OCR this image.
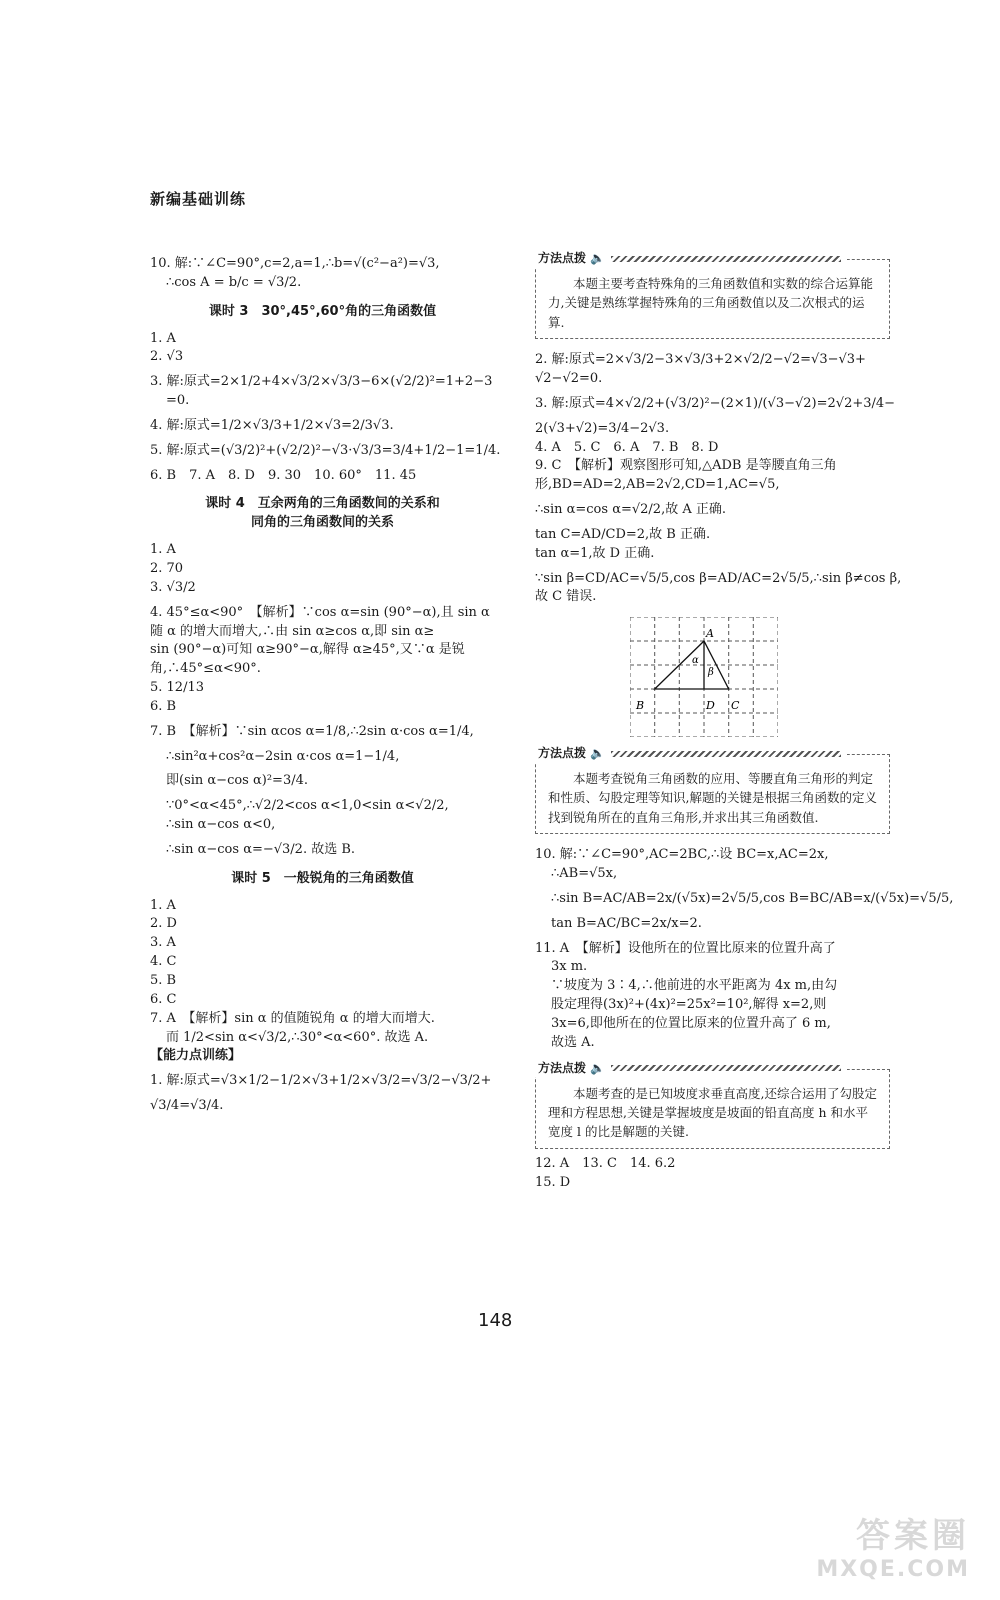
新编基础训练

10. 解:∵∠C=90°,c=2,a=1,∴b=√(c²−a²)=√3,

∴cos A = b/c = √3/2.

课时 3　30°,45°,60°角的三角函数值

1. A

2. √3

3. 解:原式=2×1/2+4×√3/2×√3/3−6×(√2/2)²=1+2−3

=0.

4. 解:原式=1/2×√3/3+1/2×√3=2/3√3.

5. 解:原式=(√3/2)²+(√2/2)²−√3·√3/3=3/4+1/2−1=1/4.

6. B　7. A　8. D　9. 30　10. 60°　11. 45

课时 4　互余两角的三角函数间的关系和
同角的三角函数间的关系

1. A

2. 70

3. √3/2

4. 45°≤α<90°　【解析】∵cos α=sin (90°−α),且 sin α

随 α 的增大而增大,∴由 sin α≥cos α,即 sin α≥

sin (90°−α)可知 α≥90°−α,解得 α≥45°,又∵α 是锐

角,∴45°≤α<90°.

5. 12/13

6. B

7. B　【解析】∵sin αcos α=1/8,∴2sin α·cos α=1/4,

∴sin²α+cos²α−2sin α·cos α=1−1/4,

即(sin α−cos α)²=3/4.

∵0°<α<45°,∴√2/2<cos α<1,0<sin α<√2/2,

∴sin α−cos α<0,

∴sin α−cos α=−√3/2. 故选 B.

课时 5　一般锐角的三角函数值

1. A

2. D

3. A

4. C

5. B

6. C

7. A　【解析】sin α 的值随锐角 α 的增大而增大.

而 1/2<sin α<√3/2,∴30°<α<60°. 故选 A.

【能力点训练】

1. 解:原式=√3×1/2−1/2×√3+1/2×√3/2=√3/2−√3/2+

√3/4=√3/4.

方法点拨 🔈
本题主要考查特殊角的三角函数值和实数的综合运算能力,关键是熟练掌握特殊角的三角函数值以及二次根式的运算.

2. 解:原式=2×√3/2−3×√3/3+2×√2/2−√2=√3−√3+

√2−√2=0.

3. 解:原式=4×√2/2+(√3/2)²−(2×1)/(√3−√2)=2√2+3/4−

2(√3+√2)=3/4−2√3.

4. A　5. C　6. A　7. B　8. D

9. C　【解析】观察图形可知,△ADB 是等腰直角三角

形,BD=AD=2,AB=2√2,CD=1,AC=√5,

∴sin α=cos α=√2/2,故 A 正确.

tan C=AD/CD=2,故 B 正确.

tan α=1,故 D 正确.

∵sin β=CD/AC=√5/5,cos β=AD/AC=2√5/5,∴sin β≠cos β,

故 C 错误.

A
B	C
D
α
β
方法点拨 🔈
本题考查锐角三角函数的应用、等腰直角三角形的判定和性质、勾股定理等知识,解题的关键是根据三角函数的定义找到锐角所在的直角三角形,并求出其三角函数值.

10. 解:∵∠C=90°,AC=2BC,∴设 BC=x,AC=2x,

∴AB=√5x,

∴sin B=AC/AB=2x/(√5x)=2√5/5,cos B=BC/AB=x/(√5x)=√5/5,

tan B=AC/BC=2x/x=2.

11. A　【解析】设他所在的位置比原来的位置升高了

3x m.

∵坡度为 3∶4,∴他前进的水平距离为 4x m,由勾

股定理得(3x)²+(4x)²=25x²=10²,解得 x=2,则

3x=6,即他所在的位置比原来的位置升高了 6 m,

故选 A.

方法点拨 🔈
本题考查的是已知坡度求垂直高度,还综合运用了勾股定理和方程思想,关键是掌握坡度是坡面的铅直高度 h 和水平宽度 l 的比是解题的关键.

12. A　13. C　14. 6.2

15. D

148
答案圈
MXQE.COM
